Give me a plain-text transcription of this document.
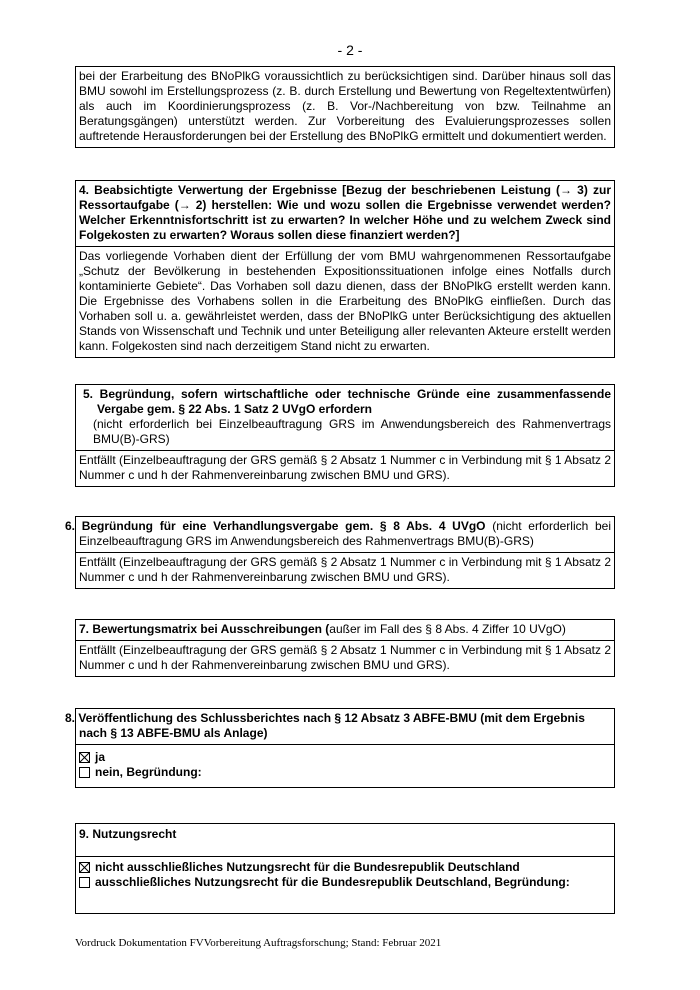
- 2 -
bei der Erarbeitung des BNoPlkG voraussichtlich zu berücksichtigen sind. Darüber hinaus soll das BMU sowohl im Erstellungsprozess (z. B. durch Erstellung und Bewertung von Regeltextentwürfen) als auch im Koordinierungsprozess (z. B. Vor-/Nachbereitung von bzw. Teilnahme an Beratungsgängen) unterstützt werden. Zur Vorbereitung des Evaluierungsprozesses sollen auftretende Herausforderungen bei der Erstellung des BNoPlkG ermittelt und dokumentiert werden.
4. Beabsichtigte Verwertung der Ergebnisse [Bezug der beschriebenen Leistung (→ 3) zur Ressortaufgabe (→ 2) herstellen: Wie und wozu sollen die Ergebnisse verwendet werden? Welcher Erkenntnisfortschritt ist zu erwarten? In welcher Höhe und zu welchem Zweck sind Folgekosten zu erwarten? Woraus sollen diese finanziert werden?]
Das vorliegende Vorhaben dient der Erfüllung der vom BMU wahrgenommenen Ressortaufgabe „Schutz der Bevölkerung in bestehenden Expositionssituationen infolge eines Notfalls durch kontaminierte Gebiete“. Das Vorhaben soll dazu dienen, dass der BNoPlkG erstellt werden kann. Die Ergebnisse des Vorhabens sollen in die Erarbeitung des BNoPlkG einfließen. Durch das Vorhaben soll u. a. gewährleistet werden, dass der BNoPlkG unter Berücksichtigung des aktuellen Stands von Wissenschaft und Technik und unter Beteiligung aller relevanten Akteure erstellt werden kann. Folgekosten sind nach derzeitigem Stand nicht zu erwarten.
5. Begründung, sofern wirtschaftliche oder technische Gründe eine zusammenfassende Vergabe gem. § 22 Abs. 1 Satz 2 UVgO erfordern
(nicht erforderlich bei Einzelbeauftragung GRS im Anwendungsbereich des Rahmenvertrags BMU(B)-GRS)
Entfällt (Einzelbeauftragung der GRS gemäß § 2 Absatz 1 Nummer c in Verbindung mit § 1 Absatz 2 Nummer c und h der Rahmenvereinbarung zwischen BMU und GRS).
6. Begründung für eine Verhandlungsvergabe gem. § 8 Abs. 4 UVgO (nicht erforderlich bei Einzelbeauftragung GRS im Anwendungsbereich des Rahmenvertrags BMU(B)-GRS)
Entfällt (Einzelbeauftragung der GRS gemäß § 2 Absatz 1 Nummer c in Verbindung mit § 1 Absatz 2 Nummer c und h der Rahmenvereinbarung zwischen BMU und GRS).
7. Bewertungsmatrix bei Ausschreibungen (außer im Fall des § 8 Abs. 4 Ziffer 10 UVgO)
Entfällt (Einzelbeauftragung der GRS gemäß § 2 Absatz 1 Nummer c in Verbindung mit § 1 Absatz 2 Nummer c und h der Rahmenvereinbarung zwischen BMU und GRS).
8. Veröffentlichung des Schlussberichtes nach § 12 Absatz 3 ABFE-BMU (mit dem Ergebnis nach § 13 ABFE-BMU als Anlage)
ja
nein, Begründung:
9. Nutzungsrecht
nicht ausschließliches Nutzungsrecht für die Bundesrepublik Deutschland
ausschließliches Nutzungsrecht für die Bundesrepublik Deutschland, Begründung:
Vordruck Dokumentation FVVorbereitung Auftragsforschung; Stand: Februar 2021
